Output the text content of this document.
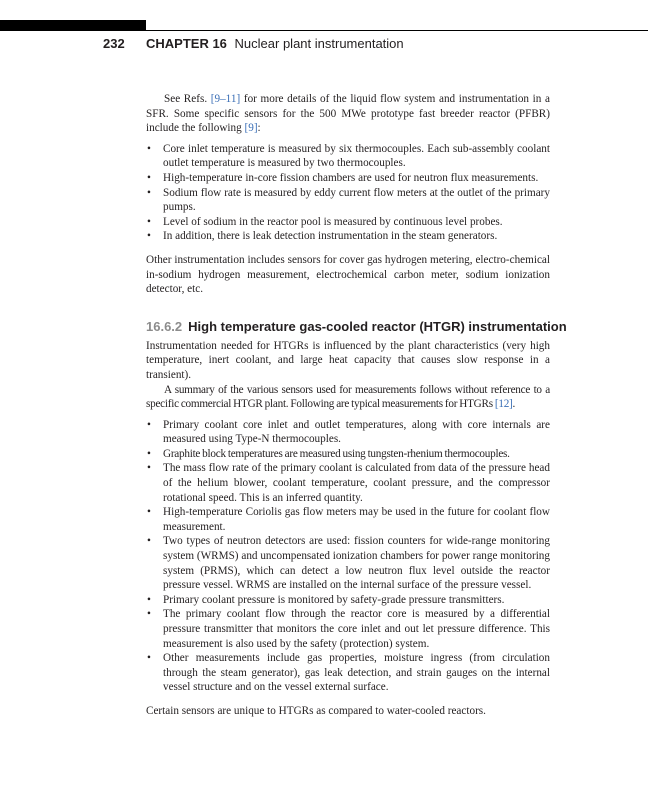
232 CHAPTER 16 Nuclear plant instrumentation

See Refs. [9–11] for more details of the liquid flow system and instrumentation in a SFR. Some specific sensors for the 500 MWe prototype fast breeder reactor (PFBR) include the following [9]:

• Core inlet temperature is measured by six thermocouples. Each sub-assembly coolant outlet temperature is measured by two thermocouples.
• High-temperature in-core fission chambers are used for neutron flux measurements.
• Sodium flow rate is measured by eddy current flow meters at the outlet of the primary pumps.
• Level of sodium in the reactor pool is measured by continuous level probes.
• In addition, there is leak detection instrumentation in the steam generators.

Other instrumentation includes sensors for cover gas hydrogen metering, electro-chemical in-sodium hydrogen measurement, electrochemical carbon meter, sodium ionization detector, etc.

16.6.2 High temperature gas-cooled reactor (HTGR) instrumentation

Instrumentation needed for HTGRs is influenced by the plant characteristics (very high temperature, inert coolant, and large heat capacity that causes slow response in a transient).

A summary of the various sensors used for measurements follows without reference to a specific commercial HTGR plant. Following are typical measurements for HTGRs [12].

• Primary coolant core inlet and outlet temperatures, along with core internals are measured using Type-N thermocouples.
• Graphite block temperatures are measured using tungsten-rhenium thermocouples.
• The mass flow rate of the primary coolant is calculated from data of the pressure head of the helium blower, coolant temperature, coolant pressure, and the compressor rotational speed. This is an inferred quantity.
• High-temperature Coriolis gas flow meters may be used in the future for coolant flow measurement.
• Two types of neutron detectors are used: fission counters for wide-range monitoring system (WRMS) and uncompensated ionization chambers for power range monitoring system (PRMS), which can detect a low neutron flux level outside the reactor pressure vessel. WRMS are installed on the internal surface of the pressure vessel.
• Primary coolant pressure is monitored by safety-grade pressure transmitters.
• The primary coolant flow through the reactor core is measured by a differential pressure transmitter that monitors the core inlet and out let pressure difference. This measurement is also used by the safety (protection) system.
• Other measurements include gas properties, moisture ingress (from circulation through the steam generator), gas leak detection, and strain gauges on the internal vessel structure and on the vessel external surface.

Certain sensors are unique to HTGRs as compared to water-cooled reactors.
